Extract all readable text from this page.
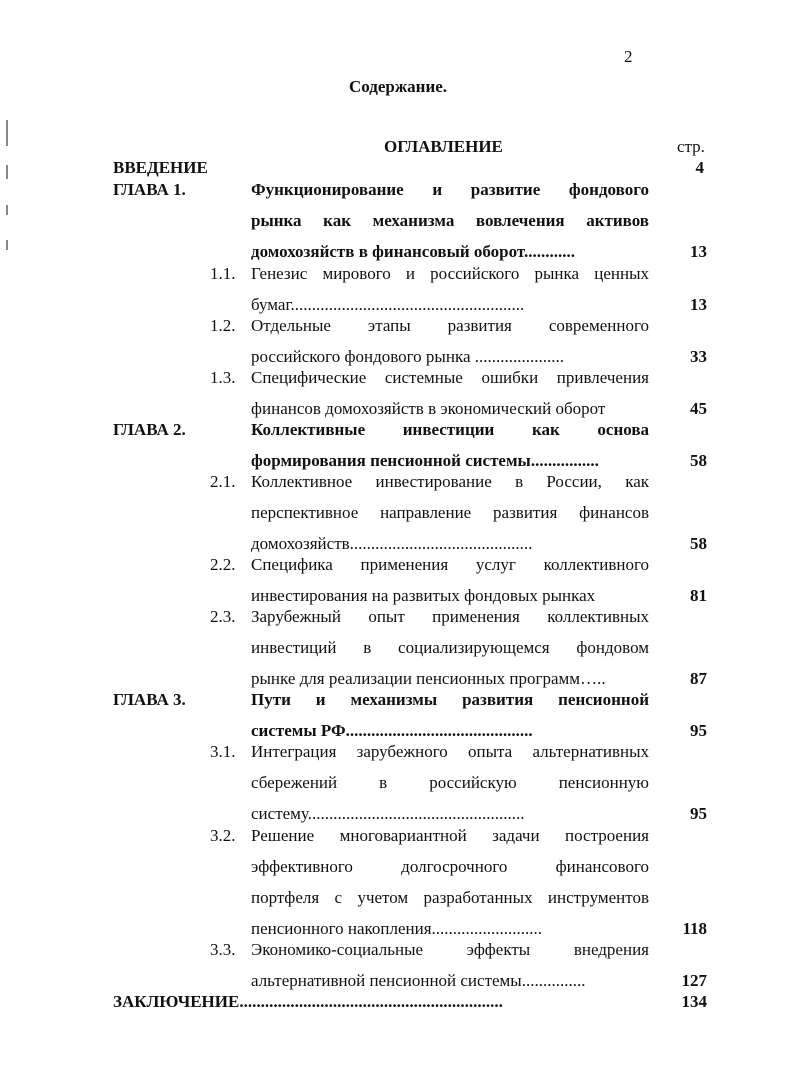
2
Содержание.
ОГЛАВЛЕНИЕ	стр.
ВВЕДЕНИЕ	4
ГЛАВА 1.	Функционирование и развитие фондового
рынка как механизма вовлечения активов
домохозяйств в финансовый оборот............	13
1.1. Генезис мирового и российского рынка ценных
бумаг.......................................................	13
1.2. Отдельные этапы развития современного
российского фондового рынка .....................	33
1.3. Специфические системные ошибки привлечения
финансов домохозяйств в экономический оборот	45
ГЛАВА 2.	Коллективные инвестиции как основа
формирования пенсионной системы................	58
2.1. Коллективное инвестирование в России, как
перспективное направление развития финансов
домохозяйств...........................................	58
2.2. Специфика применения услуг коллективного
инвестирования на развитых фондовых рынках	81
2.3. Зарубежный опыт применения коллективных
инвестиций в социализирующемся фондовом
рынке для реализации пенсионных программ…..	87
ГЛАВА 3.	Пути и механизмы развития пенсионной
системы РФ............................................	95
3.1. Интеграция зарубежного опыта альтернативных
сбережений в российскую пенсионную
систему...................................................	95
3.2. Решение многовариантной задачи построения
эффективного долгосрочного финансового
портфеля с учетом разработанных инструментов
пенсионного накопления..........................	118
3.3. Экономико-социальные эффекты внедрения
альтернативной пенсионной системы...............	127
ЗАКЛЮЧЕНИЕ..............................................................	134
